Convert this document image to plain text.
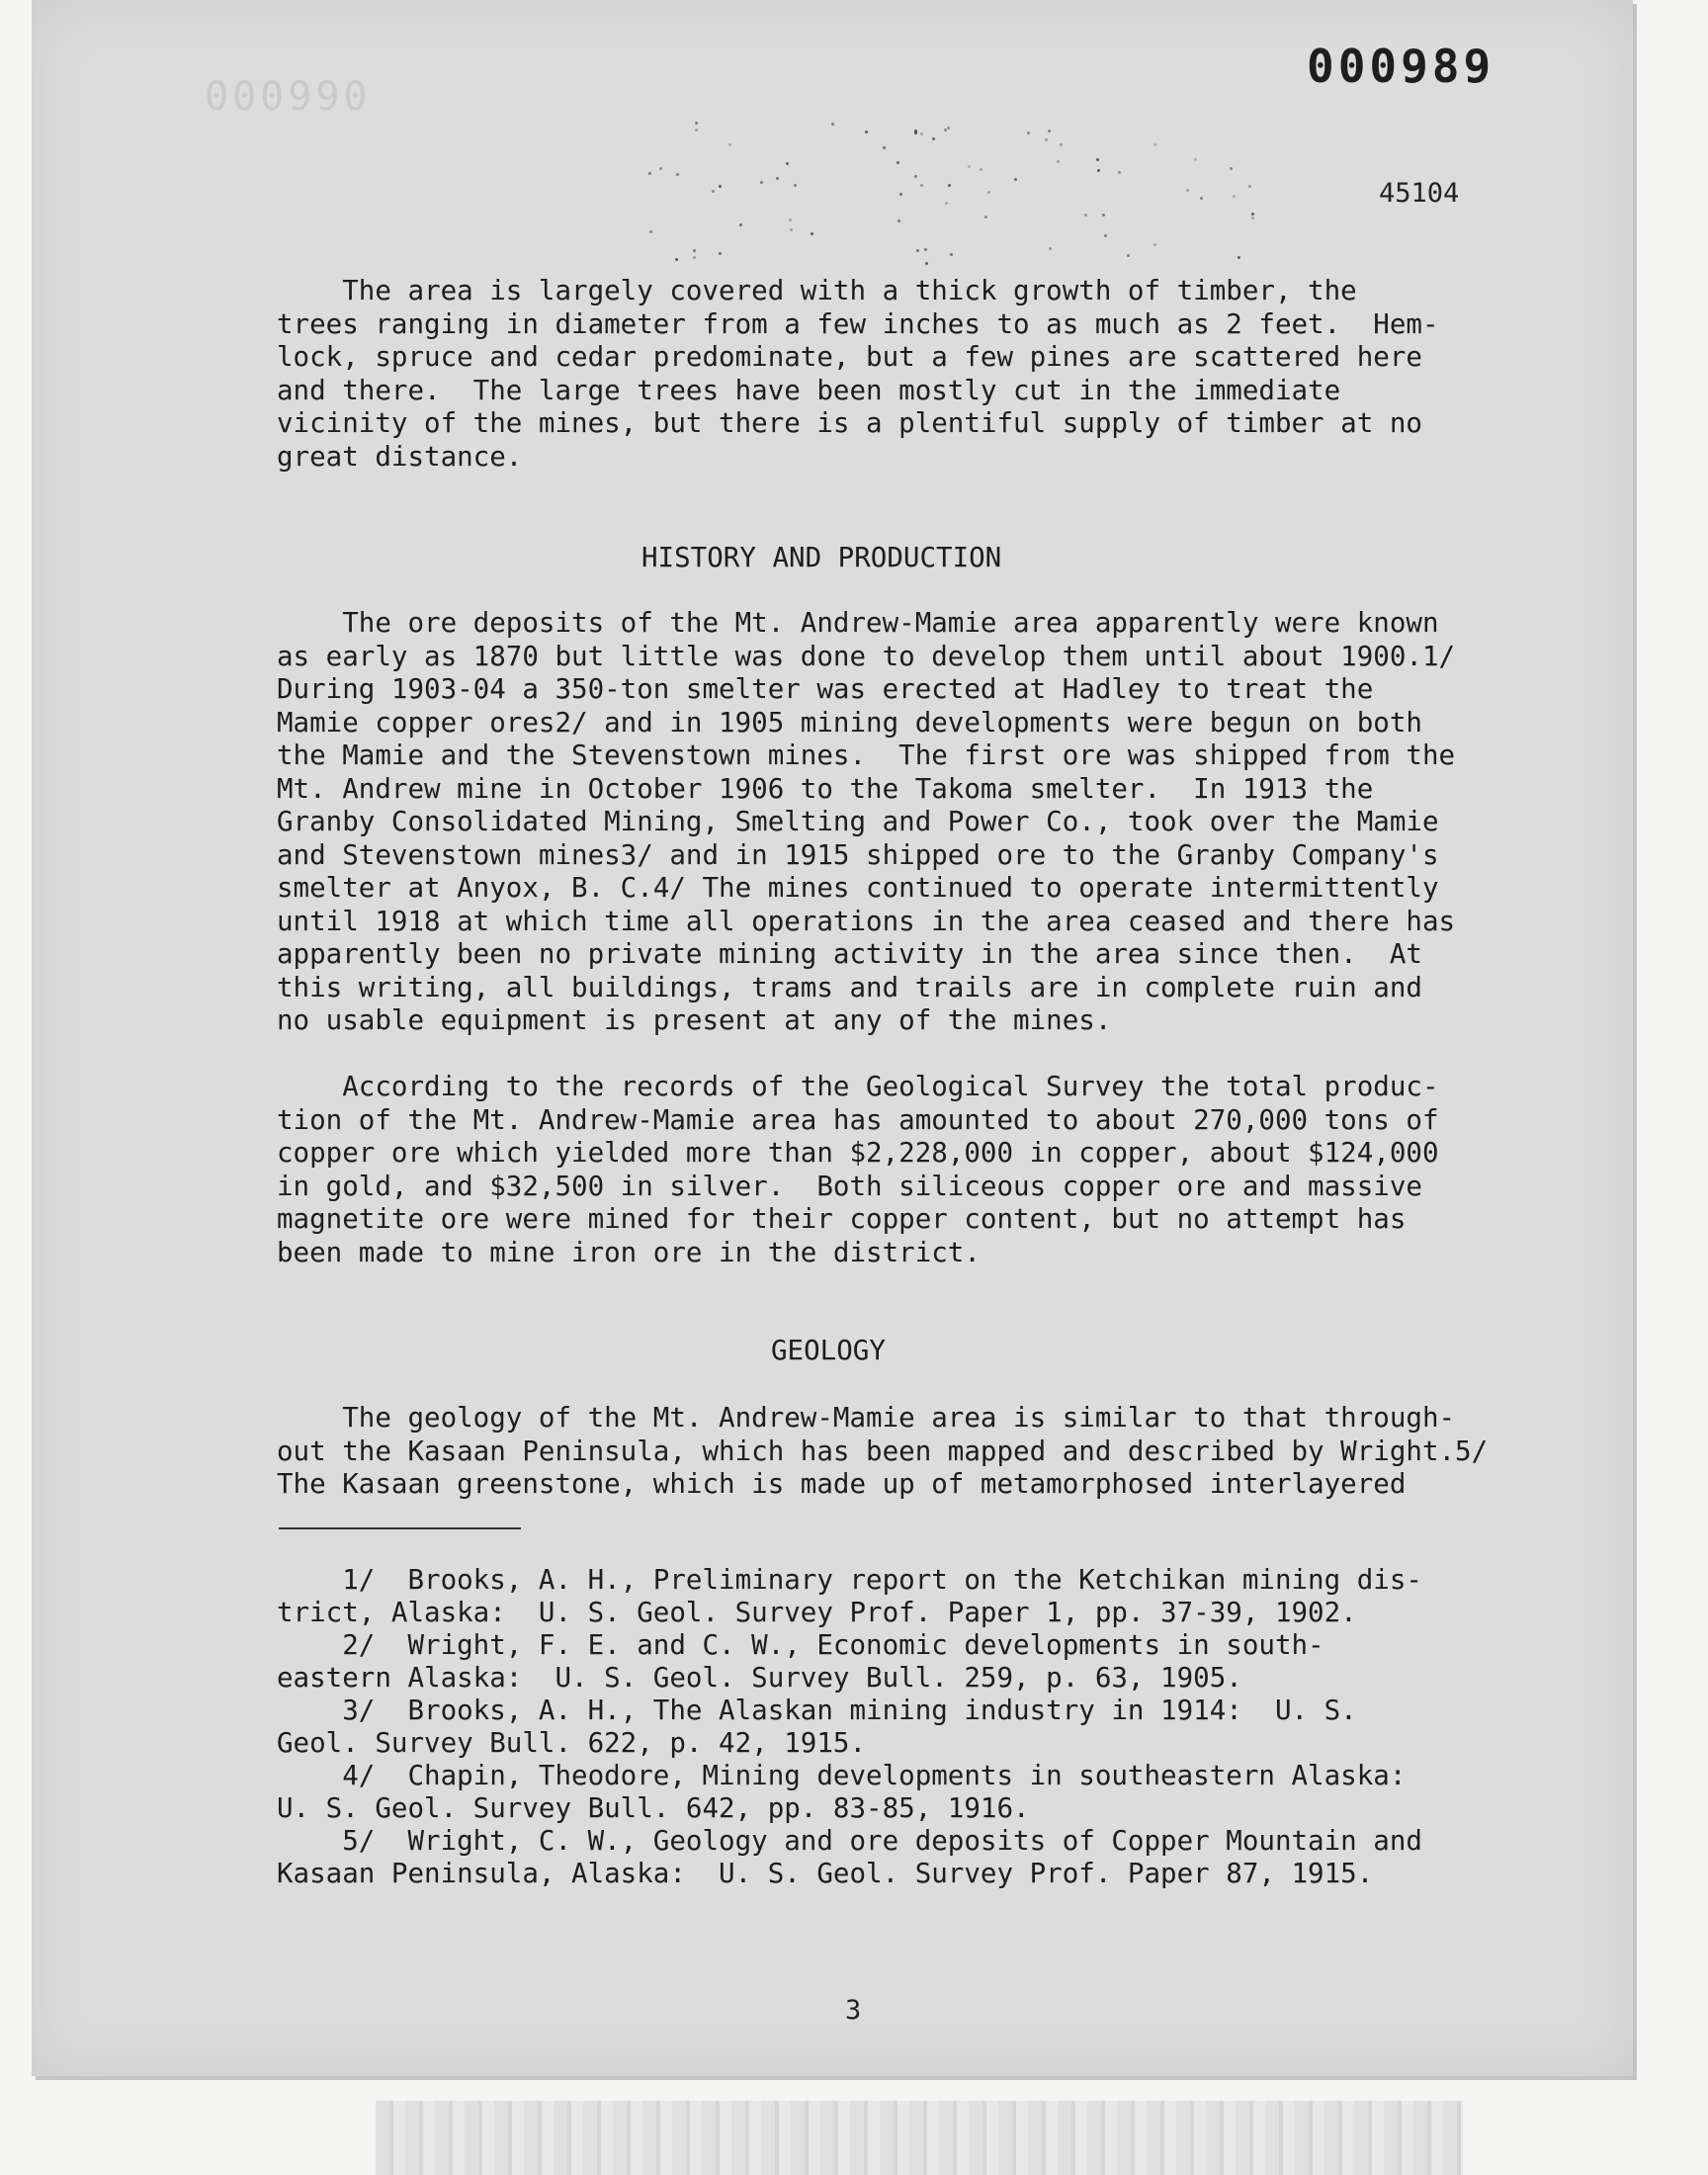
000990
000989
45104
The area is largely covered with a thick growth of timber, the
trees ranging in diameter from a few inches to as much as 2 feet.  Hem-
lock, spruce and cedar predominate, but a few pines are scattered here
and there.  The large trees have been mostly cut in the immediate
vicinity of the mines, but there is a plentiful supply of timber at no
great distance.
HISTORY AND PRODUCTION
The ore deposits of the Mt. Andrew-Mamie area apparently were known
as early as 1870 but little was done to develop them until about 1900.1/
During 1903-04 a 350-ton smelter was erected at Hadley to treat the
Mamie copper ores2/ and in 1905 mining developments were begun on both
the Mamie and the Stevenstown mines.  The first ore was shipped from the
Mt. Andrew mine in October 1906 to the Takoma smelter.  In 1913 the
Granby Consolidated Mining, Smelting and Power Co., took over the Mamie
and Stevenstown mines3/ and in 1915 shipped ore to the Granby Company's
smelter at Anyox, B. C.4/ The mines continued to operate intermittently
until 1918 at which time all operations in the area ceased and there has
apparently been no private mining activity in the area since then.  At
this writing, all buildings, trams and trails are in complete ruin and
no usable equipment is present at any of the mines.
According to the records of the Geological Survey the total produc-
tion of the Mt. Andrew-Mamie area has amounted to about 270,000 tons of
copper ore which yielded more than $2,228,000 in copper, about $124,000
in gold, and $32,500 in silver.  Both siliceous copper ore and massive
magnetite ore were mined for their copper content, but no attempt has
been made to mine iron ore in the district.
GEOLOGY
The geology of the Mt. Andrew-Mamie area is similar to that through-
out the Kasaan Peninsula, which has been mapped and described by Wright.5/
The Kasaan greenstone, which is made up of metamorphosed interlayered
1/  Brooks, A. H., Preliminary report on the Ketchikan mining dis-
trict, Alaska:  U. S. Geol. Survey Prof. Paper 1, pp. 37-39, 1902.
2/  Wright, F. E. and C. W., Economic developments in south-
eastern Alaska:  U. S. Geol. Survey Bull. 259, p. 63, 1905.
3/  Brooks, A. H., The Alaskan mining industry in 1914:  U. S.
Geol. Survey Bull. 622, p. 42, 1915.
4/  Chapin, Theodore, Mining developments in southeastern Alaska:
U. S. Geol. Survey Bull. 642, pp. 83-85, 1916.
5/  Wright, C. W., Geology and ore deposits of Copper Mountain and
Kasaan Peninsula, Alaska:  U. S. Geol. Survey Prof. Paper 87, 1915.
3
